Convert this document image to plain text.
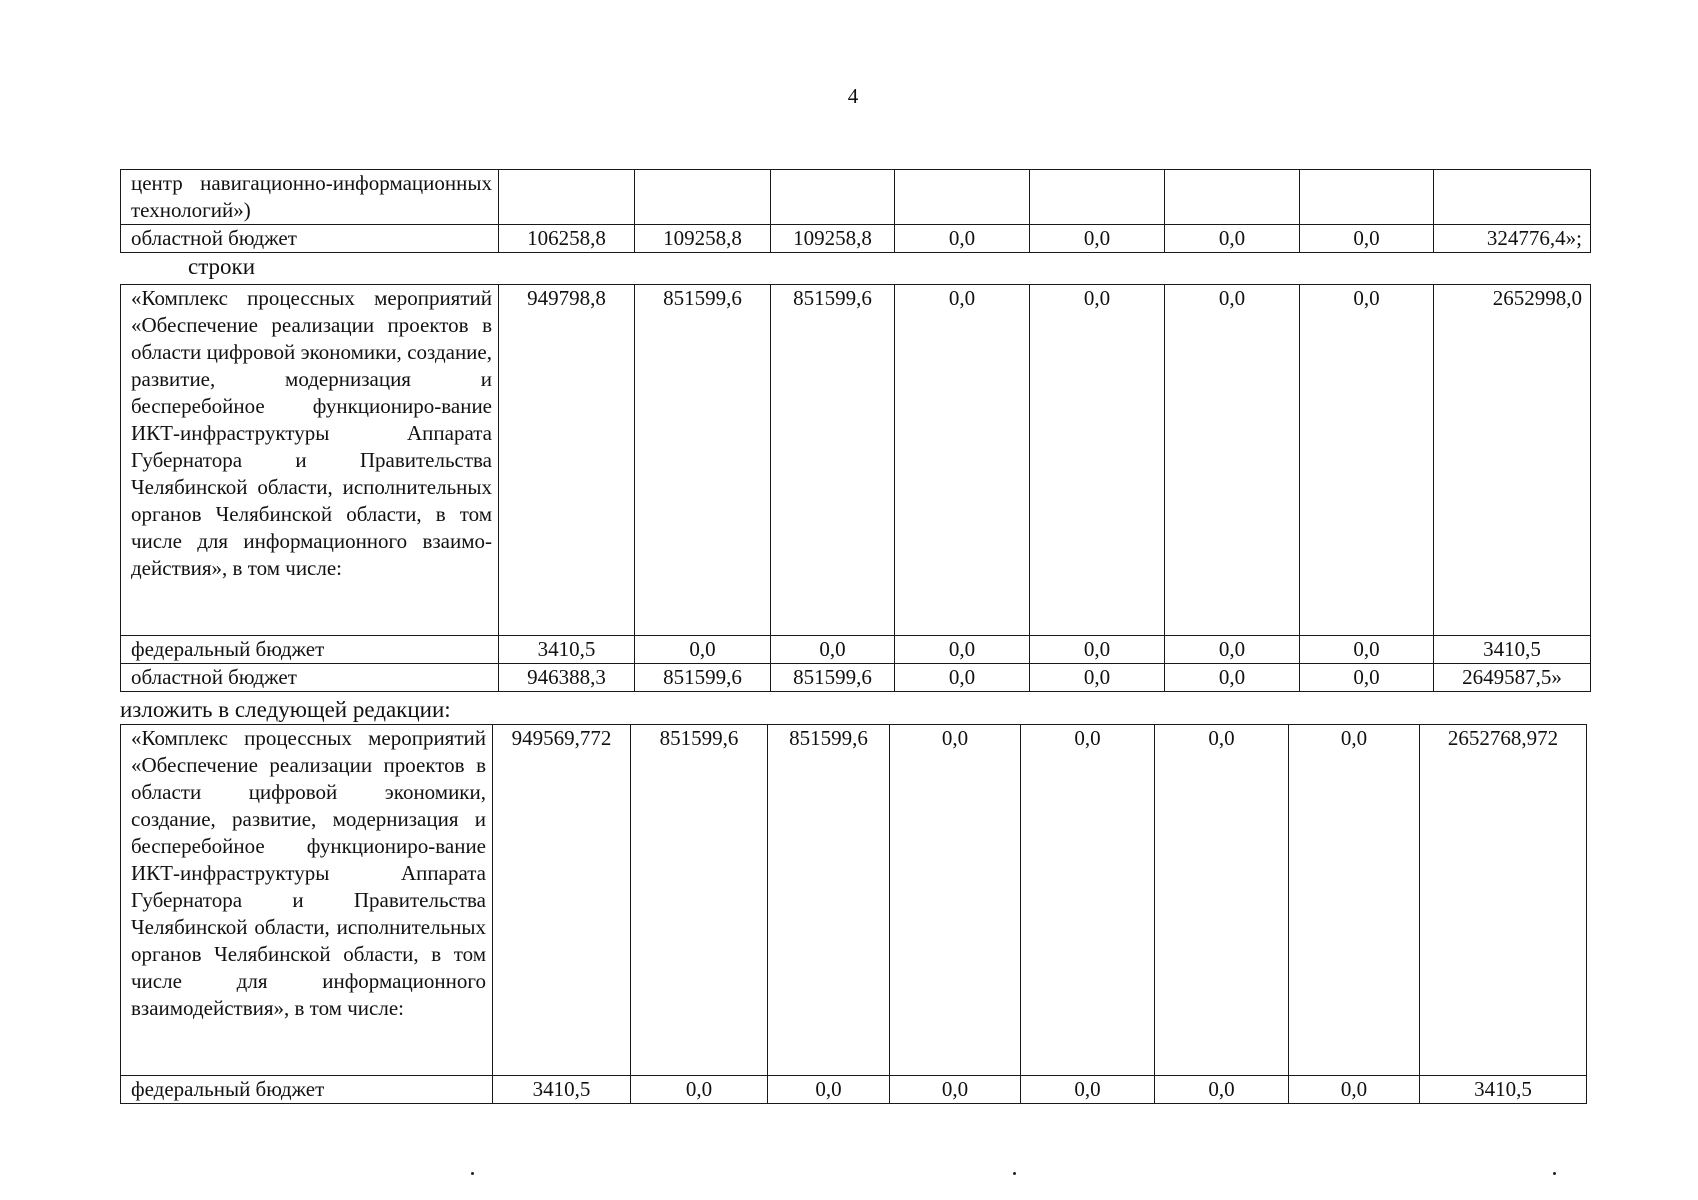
4
центр навигационно-информационных технологий»)								
областной бюджет	106258,8	109258,8	109258,8	0,0	0,0	0,0	0,0	324776,4»;
строки
«Комплекс процессных мероприятий «Обеспечение реализации проектов в области цифровой экономики, создание, развитие, модернизация и бесперебойное функциониро-вание ИКТ-инфраструктуры Аппарата Губернатора и Правительства Челябинской области, исполнительных органов Челябинской области, в том числе для информационного взаимо-действия», в том числе:	949798,8	851599,6	851599,6	0,0	0,0	0,0	0,0	2652998,0
федеральный бюджет	3410,5	0,0	0,0	0,0	0,0	0,0	0,0	3410,5
областной бюджет	946388,3	851599,6	851599,6	0,0	0,0	0,0	0,0	2649587,5»
изложить в следующей редакции:
«Комплекс процессных мероприятий «Обеспечение реализации проектов в области цифровой экономики, создание, развитие, модернизация и бесперебойное функциониро-вание ИКТ-инфраструктуры Аппарата Губернатора и Правительства Челябинской области, исполнительных органов Челябинской области, в том числе для информационного взаимодействия», в том числе:	949569,772	851599,6	851599,6	0,0	0,0	0,0	0,0	2652768,972
федеральный бюджет	3410,5	0,0	0,0	0,0	0,0	0,0	0,0	3410,5
